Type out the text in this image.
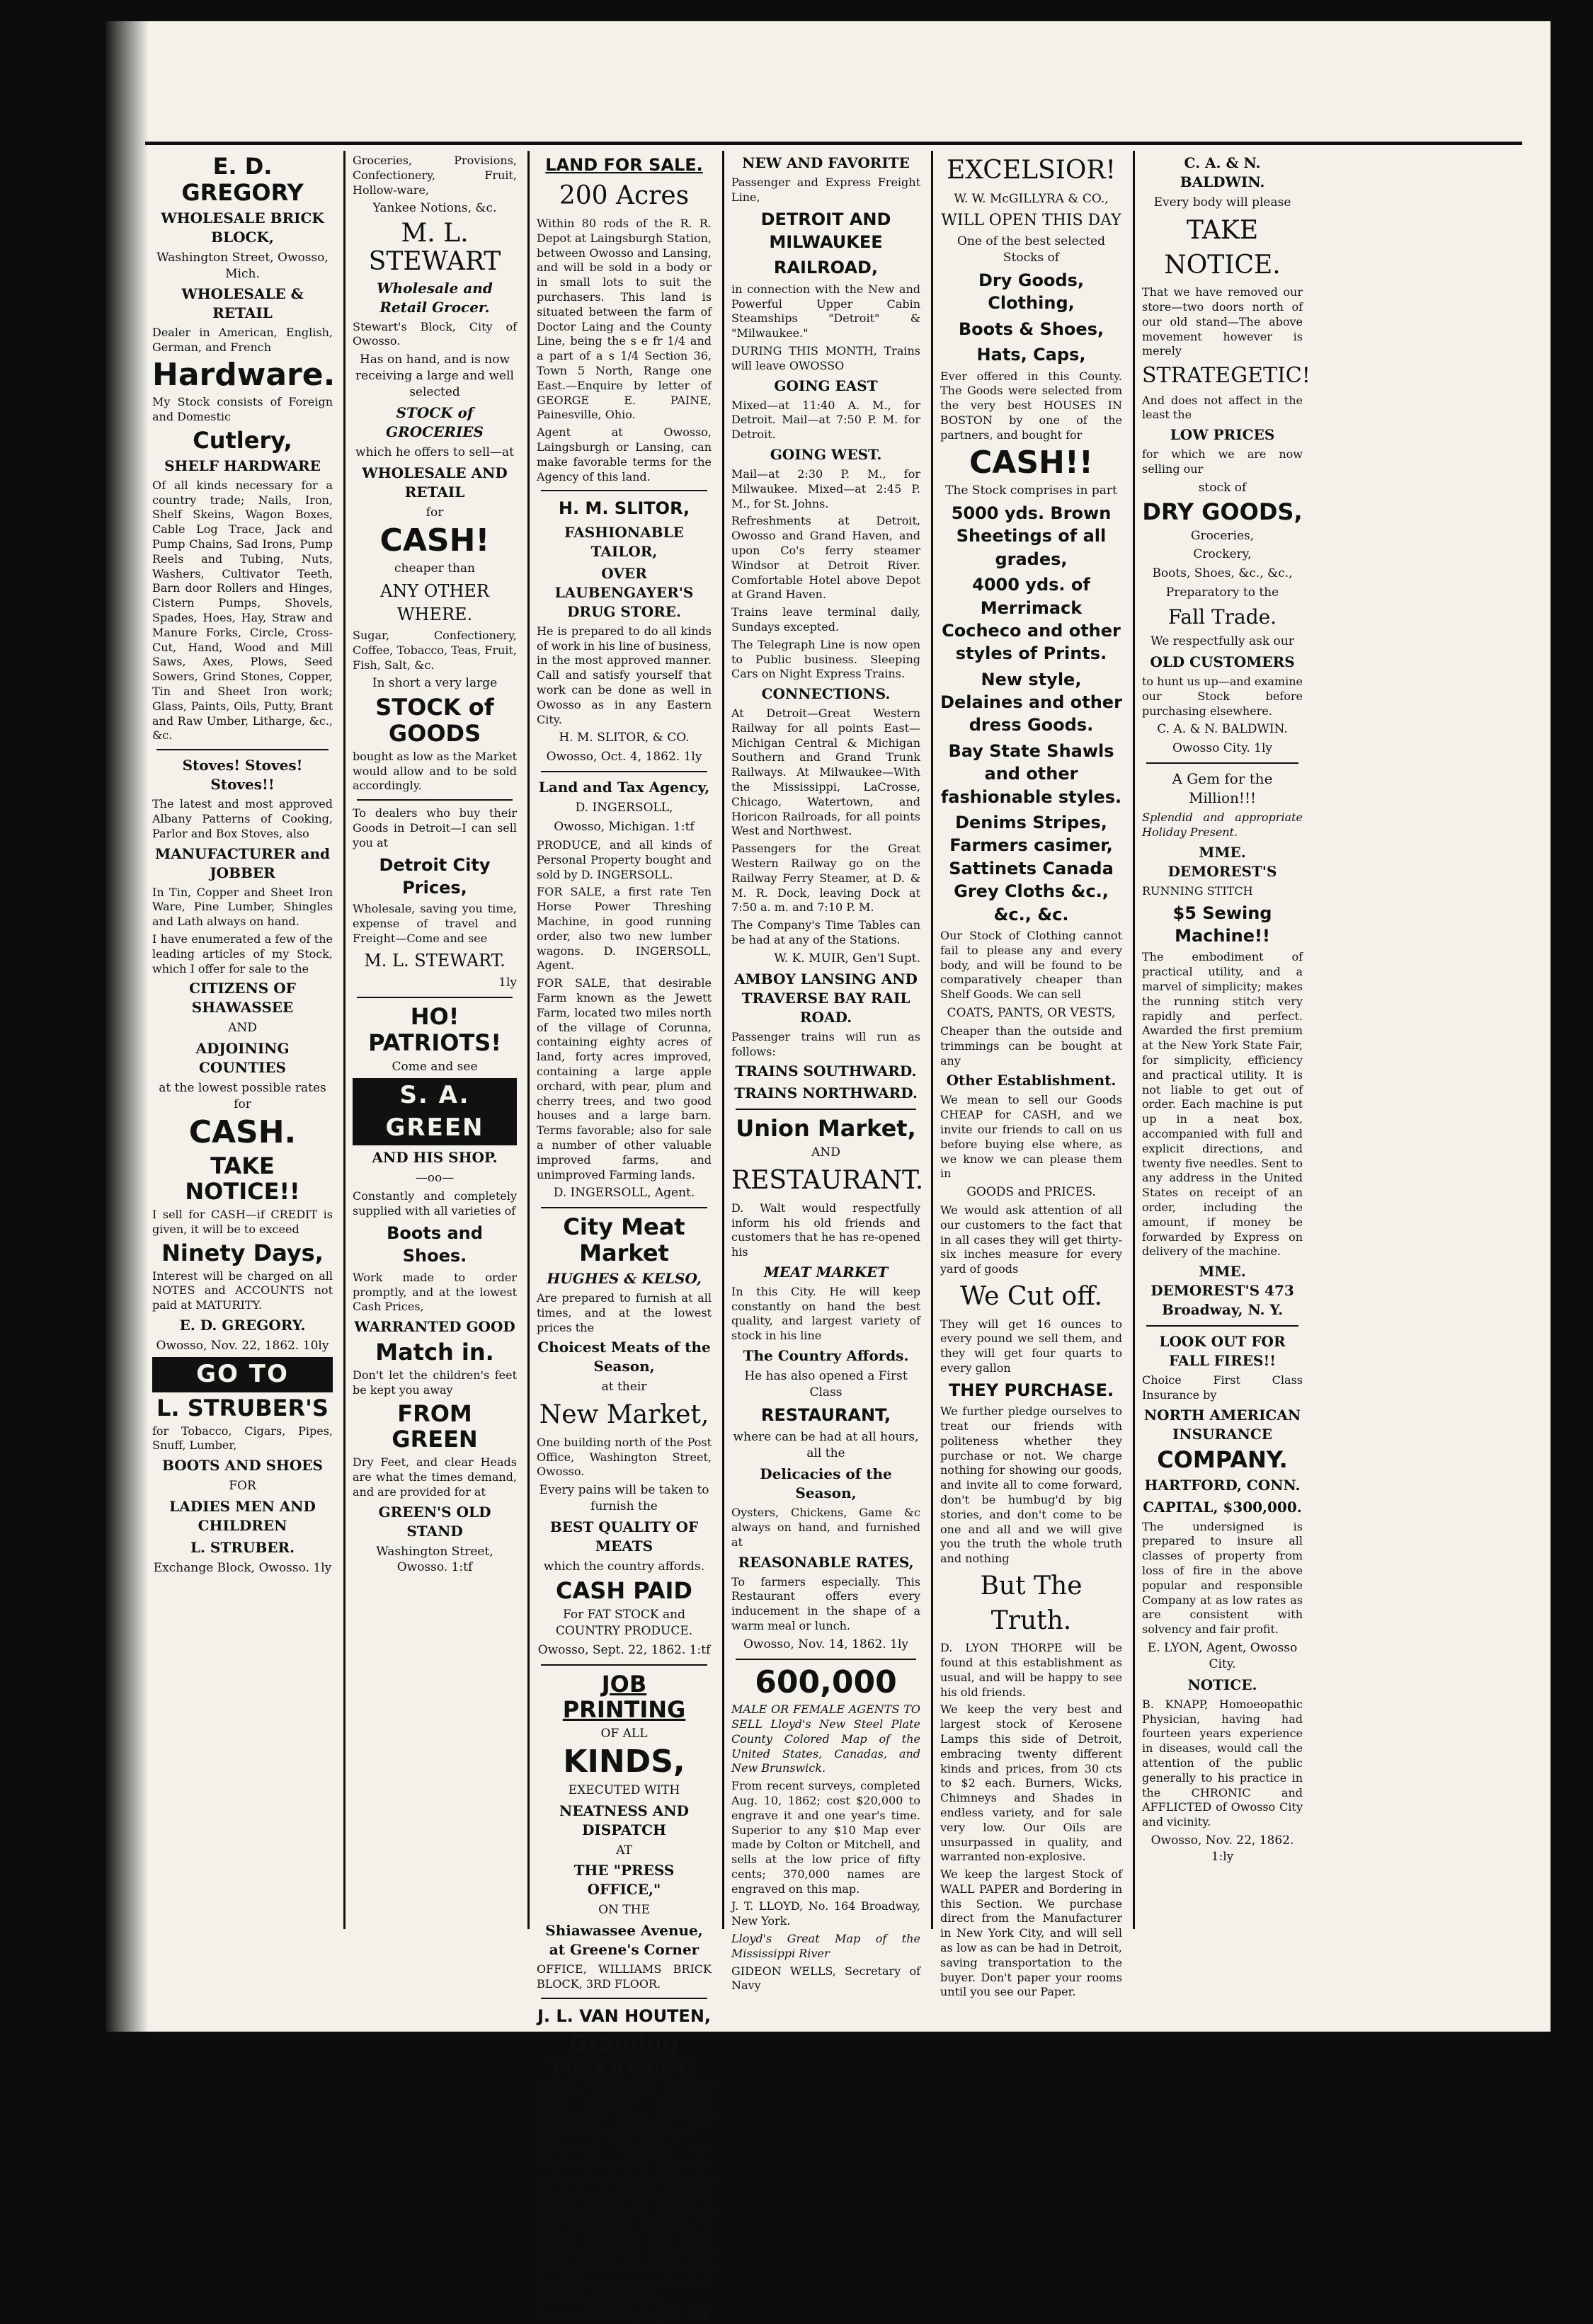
E. D. GREGORY
WHOLESALE BRICK BLOCK,
Washington Street, Owosso, Mich.
WHOLESALE & RETAIL
Dealer in American, English, German, and French
Hardware.
My Stock consists of Foreign and Domestic
Cutlery,
SHELF HARDWARE
Of all kinds necessary for a country trade; Nails, Iron, Shelf Skeins, Wagon Boxes, Cable Log Trace, Jack and Pump Chains, Sad Irons, Pump Reels and Tubing, Nuts, Washers, Cultivator Teeth, Barn door Rollers and Hinges, Cistern Pumps, Shovels, Spades, Hoes, Hay, Straw and Manure Forks, Circle, Cross-Cut, Hand, Wood and Mill Saws, Axes, Plows, Seed Sowers, Grind Stones, Copper, Tin and Sheet Iron work; Glass, Paints, Oils, Putty, Brant and Raw Umber, Litharge, &c., &c.
Stoves! Stoves! Stoves!!
The latest and most approved Albany Patterns of Cooking, Parlor and Box Stoves, also
MANUFACTURER and JOBBER
In Tin, Copper and Sheet Iron Ware, Pine Lumber, Shingles and Lath always on hand.
I have enumerated a few of the leading articles of my Stock, which I offer for sale to the
CITIZENS OF SHAWASSEE
AND
ADJOINING COUNTIES
at the lowest possible rates for
CASH.
TAKE NOTICE!!
I sell for CASH—if CREDIT is given, it will be to exceed
Ninety Days,
Interest will be charged on all NOTES and ACCOUNTS not paid at MATURITY.
E. D. GREGORY.
Owosso, Nov. 22, 1862. 10ly
GO TO
L. STRUBER'S
for Tobacco, Cigars, Pipes, Snuff, Lumber,
BOOTS AND SHOES
FOR
LADIES MEN AND CHILDREN
L. STRUBER.
Exchange Block, Owosso. 1ly
Groceries, Provisions, Confectionery, Fruit, Hollow-ware,
Yankee Notions, &c.
M. L. STEWART
Wholesale and Retail Grocer.
Stewart's Block, City of Owosso.
Has on hand, and is now receiving a large and well selected
STOCK of GROCERIES
which he offers to sell—at
WHOLESALE AND RETAIL
for
CASH!
cheaper than
ANY OTHER WHERE.
Sugar, Confectionery, Coffee, Tobacco, Teas, Fruit, Fish, Salt, &c.
In short a very large
STOCK of GOODS
bought as low as the Market would allow and to be sold accordingly.
To dealers who buy their Goods in Detroit—I can sell you at
Detroit City Prices,
Wholesale, saving you time, expense of travel and Freight—Come and see
M. L. STEWART.
1ly
HO! PATRIOTS!
Come and see
S. A. GREEN
AND HIS SHOP.
—oo—
Constantly and completely supplied with all varieties of
Boots and Shoes.
Work made to order promptly, and at the lowest Cash Prices,
WARRANTED GOOD
Match in.
Don't let the children's feet be kept you away
FROM GREEN
Dry Feet, and clear Heads are what the times demand, and are provided for at
GREEN'S OLD STAND
Washington Street, Owosso. 1:tf
LAND FOR SALE.
200 Acres
Within 80 rods of the R. R. Depot at Laingsburgh Station, between Owosso and Lansing, and will be sold in a body or in small lots to suit the purchasers. This land is situated between the farm of Doctor Laing and the County Line, being the s e fr 1/4 and a part of a s 1/4 Section 36, Town 5 North, Range one East.—Enquire by letter of GEORGE E. PAINE, Painesville, Ohio.
Agent at Owosso, Laingsburgh or Lansing, can make favorable terms for the Agency of this land.
H. M. SLITOR,
FASHIONABLE TAILOR,
OVER LAUBENGAYER'S DRUG STORE.
He is prepared to do all kinds of work in his line of business, in the most approved manner. Call and satisfy yourself that work can be done as well in Owosso as in any Eastern City.
H. M. SLITOR, & CO.
Owosso, Oct. 4, 1862. 1ly
Land and Tax Agency,
D. INGERSOLL,
Owosso, Michigan. 1:tf
PRODUCE, and all kinds of Personal Property bought and sold by D. INGERSOLL.
FOR SALE, a first rate Ten Horse Power Threshing Machine, in good running order, also two new lumber wagons. D. INGERSOLL, Agent.
FOR SALE, that desirable Farm known as the Jewett Farm, located two miles north of the village of Corunna, containing eighty acres of land, forty acres improved, containing a large apple orchard, with pear, plum and cherry trees, and two good houses and a large barn. Terms favorable; also for sale a number of other valuable improved farms, and unimproved Farming lands.
D. INGERSOLL, Agent.
City Meat Market
HUGHES & KELSO,
Are prepared to furnish at all times, and at the lowest prices the
Choicest Meats of the Season,
at their
New Market,
One building north of the Post Office, Washington Street, Owosso.
Every pains will be taken to furnish the
BEST QUALITY OF MEATS
which the country affords.
CASH PAID
For FAT STOCK and COUNTRY PRODUCE.
Owosso, Sept. 22, 1862. 1:tf
JOB PRINTING
OF ALL
KINDS,
EXECUTED WITH
NEATNESS AND DISPATCH
AT
THE "PRESS OFFICE,"
ON THE
Shiawassee Avenue, at Greene's Corner
OFFICE, WILLIAMS BRICK BLOCK, 3RD FLOOR.
J. L. VAN HOUTEN,
Graining
PAPER HANGING,
SIGNS, BANNERS, STORE AND OFFICE SHADES, LETTERED AND PAINTED WITH SUITABLE DESIGNS.
PERSONS building are requested to call and see specimens of his graining in the buildings now in progress. Ceilings and walls, Whitened and Colored in any tint, or shade. Ceilings and walls papered with the Pannels in Gilt. Orders from all parts of the County promptly attended to at reasonable rates.
Owosso, Nov. 15, 1862. 2:tf
NEW AND FAVORITE
Passenger and Express Freight Line,
DETROIT AND MILWAUKEE
RAILROAD,
in connection with the New and Powerful Upper Cabin Steamships "Detroit" & "Milwaukee."
DURING THIS MONTH, Trains will leave OWOSSO
GOING EAST
Mixed—at 11:40 A. M., for Detroit. Mail—at 7:50 P. M. for Detroit.
GOING WEST.
Mail—at 2:30 P. M., for Milwaukee. Mixed—at 2:45 P. M., for St. Johns.
Refreshments at Detroit, Owosso and Grand Haven, and upon Co's ferry steamer Windsor at Detroit River. Comfortable Hotel above Depot at Grand Haven.
Trains leave terminal daily, Sundays excepted.
The Telegraph Line is now open to Public business. Sleeping Cars on Night Express Trains.
CONNECTIONS.
At Detroit—Great Western Railway for all points East—Michigan Central & Michigan Southern and Grand Trunk Railways. At Milwaukee—With the Mississippi, LaCrosse, Chicago, Watertown, and Horicon Railroads, for all points West and Northwest.
Passengers for the Great Western Railway go on the Railway Ferry Steamer, at D. & M. R. Dock, leaving Dock at 7:50 a. m. and 7:10 P. M.
The Company's Time Tables can be had at any of the Stations.
W. K. MUIR, Gen'l Supt.
AMBOY LANSING AND TRAVERSE BAY RAIL ROAD.
Passenger trains will run as follows:
TRAINS SOUTHWARD.
TRAINS NORTHWARD.
Union Market,
AND
RESTAURANT.
D. Walt would respectfully inform his old friends and customers that he has re-opened his
MEAT MARKET
In this City. He will keep constantly on hand the best quality, and largest variety of stock in his line
The Country Affords.
He has also opened a First Class
RESTAURANT,
where can be had at all hours, all the
Delicacies of the Season,
Oysters, Chickens, Game &c always on hand, and furnished at
REASONABLE RATES,
To farmers especially. This Restaurant offers every inducement in the shape of a warm meal or lunch.
Owosso, Nov. 14, 1862. 1ly
600,000
MALE OR FEMALE AGENTS TO SELL Lloyd's New Steel Plate County Colored Map of the United States, Canadas, and New Brunswick.
From recent surveys, completed Aug. 10, 1862; cost $20,000 to engrave it and one year's time. Superior to any $10 Map ever made by Colton or Mitchell, and sells at the low price of fifty cents; 370,000 names are engraved on this map.
J. T. LLOYD, No. 164 Broadway, New York.
Lloyd's Great Map of the Mississippi River
GIDEON WELLS, Secretary of Navy
EXCELSIOR!
W. W. McGILLYRA & CO.,
WILL OPEN THIS DAY
One of the best selected Stocks of
Dry Goods, Clothing,
Boots & Shoes,
Hats, Caps,
Ever offered in this County. The Goods were selected from the very best HOUSES IN BOSTON by one of the partners, and bought for
CASH!!
The Stock comprises in part
5000 yds. Brown Sheetings of all grades,
4000 yds. of Merrimack Cocheco and other styles of Prints.
New style, Delaines and other dress Goods.
Bay State Shawls and other fashionable styles.
Denims Stripes, Farmers casimer, Sattinets Canada Grey Cloths &c., &c., &c.
Our Stock of Clothing cannot fail to please any and every body, and will be found to be comparatively cheaper than Shelf Goods. We can sell
COATS, PANTS, OR VESTS,
Cheaper than the outside and trimmings can be bought at any
Other Establishment.
We mean to sell our Goods CHEAP for CASH, and we invite our friends to call on us before buying else where, as we know we can please them in
GOODS and PRICES.
We would ask attention of all our customers to the fact that in all cases they will get thirty-six inches measure for every yard of goods
We Cut off.
They will get 16 ounces to every pound we sell them, and they will get four quarts to every gallon
THEY PURCHASE.
We further pledge ourselves to treat our friends with politeness whether they purchase or not. We charge nothing for showing our goods, and invite all to come forward, don't be humbug'd by big stories, and don't come to be one and all and we will give you the truth the whole truth and nothing
But The Truth.
D. LYON THORPE will be found at this establishment as usual, and will be happy to see his old friends.
We keep the very best and largest stock of Kerosene Lamps this side of Detroit, embracing twenty different kinds and prices, from 30 cts to $2 each. Burners, Wicks, Chimneys and Shades in endless variety, and for sale very low. Our Oils are unsurpassed in quality, and warranted non-explosive.
We keep the largest Stock of WALL PAPER and Bordering in this Section. We purchase direct from the Manufacturer in New York City, and will sell as low as can be had in Detroit, saving transportation to the buyer. Don't paper your rooms until you see our Paper.
C. A. & N. BALDWIN.
Every body will please
TAKE NOTICE.
That we have removed our store—two doors north of our old stand—The above movement however is merely
STRATEGETIC!
And does not affect in the least the
LOW PRICES
for which we are now selling our
stock of
DRY GOODS,
Groceries,
Crockery,
Boots, Shoes, &c., &c.,
Preparatory to the
Fall Trade.
We respectfully ask our
OLD CUSTOMERS
to hunt us up—and examine our Stock before purchasing elsewhere.
C. A. & N. BALDWIN.
Owosso City. 1ly
A Gem for the Million!!!
Splendid and appropriate Holiday Present.
MME. DEMOREST'S
RUNNING STITCH
$5 Sewing Machine!!
The embodiment of practical utility, and a marvel of simplicity; makes the running stitch very rapidly and perfect. Awarded the first premium at the New York State Fair, for simplicity, efficiency and practical utility. It is not liable to get out of order. Each machine is put up in a neat box, accompanied with full and explicit directions, and twenty five needles. Sent to any address in the United States on receipt of an order, including the amount, if money be forwarded by Express on delivery of the machine.
MME. DEMOREST'S 473 Broadway, N. Y.
LOOK OUT FOR FALL FIRES!!
Choice First Class Insurance by
NORTH AMERICAN INSURANCE
COMPANY.
HARTFORD, CONN.
CAPITAL, $300,000.
The undersigned is prepared to insure all classes of property from loss of fire in the above popular and responsible Company at as low rates as are consistent with solvency and fair profit.
E. LYON, Agent, Owosso City.
NOTICE.
B. KNAPP, Homoeopathic Physician, having had fourteen years experience in diseases, would call the attention of the public generally to his practice in the CHRONIC and AFFLICTED of Owosso City and vicinity.
Owosso, Nov. 22, 1862. 1:ly
